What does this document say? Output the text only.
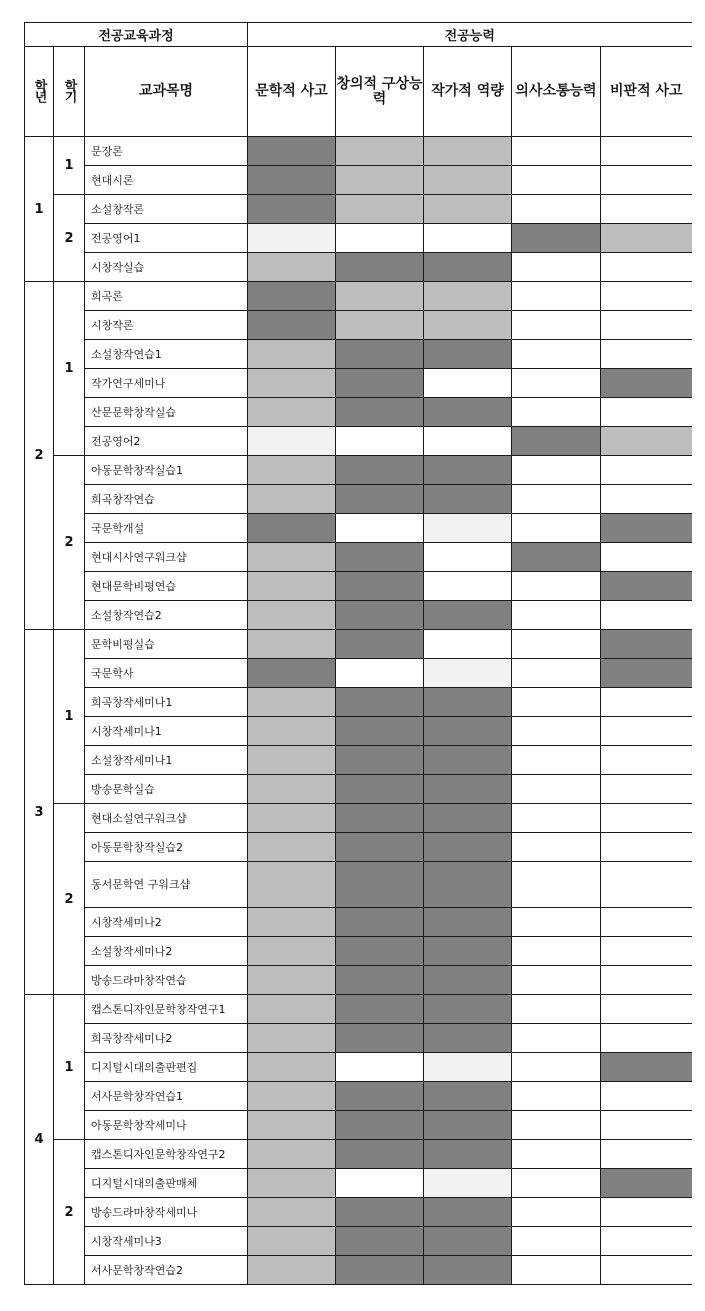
전공교육과정			전공능력				
학년	학기	교과목명	문학적 사고	창의적 구상능력	작가적 역량	의사소통능력	비판적 사고
1	1	문장론					
		현대시론					
	2	소설창작론					
		전공영어1					
		시창작실습					
2	1	희곡론					
		시창작론					
		소설창작연습1					
		작가연구세미나					
		산문문학창작실습					
		전공영어2					
	2	아동문학창작실습1					
		희곡창작연습					
		국문학개설					
		현대시사연구워크샵					
		현대문학비평연습					
		소설창작연습2					
3	1	문학비평실습					
		국문학사					
		희곡창작세미나1					
		시창작세미나1					
		소설창작세미나1					
		방송문학실습					
	2	현대소설연구워크샵					
		아동문학창작실습2					
		동서문학연 구워크샵					
		시창작세미나2					
		소설창작세미나2					
		방송드라마창작연습					
4	1	캡스톤디자인문학창작연구1					
		희곡창작세미나2					
		디지털시대의출판편집					
		서사문학창작연습1					
		아동문학창작세미나					
	2	캡스톤디자인문학창작연구2					
		디지털시대의출판매체					
		방송드라마창작세미나					
		시창작세미나3					
		서사문학창작연습2					
